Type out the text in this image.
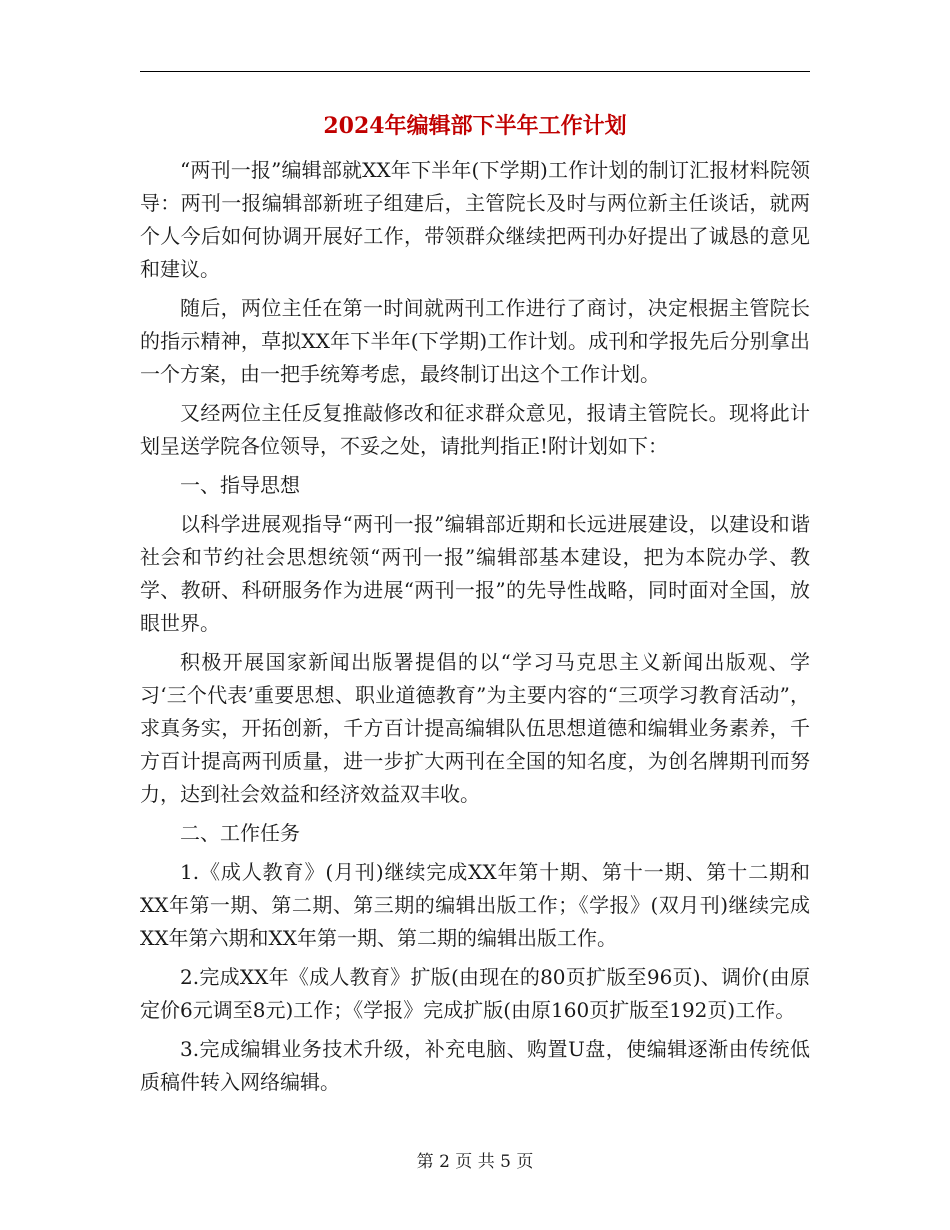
2024年编辑部下半年工作计划

“两刊一报”编辑部就XX年下半年(下学期)工作计划的制订汇报材料院领导：两刊一报编辑部新班子组建后，主管院长及时与两位新主任谈话，就两个人今后如何协调开展好工作，带领群众继续把两刊办好提出了诚恳的意见和建议。

随后，两位主任在第一时间就两刊工作进行了商讨，决定根据主管院长的指示精神，草拟XX年下半年(下学期)工作计划。成刊和学报先后分别拿出一个方案，由一把手统筹考虑，最终制订出这个工作计划。

又经两位主任反复推敲修改和征求群众意见，报请主管院长。现将此计划呈送学院各位领导，不妥之处，请批判指正!附计划如下：

一、指导思想

以科学进展观指导“两刊一报”编辑部近期和长远进展建设，以建设和谐社会和节约社会思想统领“两刊一报”编辑部基本建设，把为本院办学、教学、教研、科研服务作为进展“两刊一报”的先导性战略，同时面对全国，放眼世界。

积极开展国家新闻出版署提倡的以“学习马克思主义新闻出版观、学习‘三个代表’重要思想、职业道德教育”为主要内容的“三项学习教育活动”，求真务实，开拓创新，千方百计提高编辑队伍思想道德和编辑业务素养，千方百计提高两刊质量，进一步扩大两刊在全国的知名度，为创名牌期刊而努力，达到社会效益和经济效益双丰收。

二、工作任务

1.《成人教育》(月刊)继续完成XX年第十期、第十一期、第十二期和XX年第一期、第二期、第三期的编辑出版工作；《学报》(双月刊)继续完成XX年第六期和XX年第一期、第二期的编辑出版工作。

2.完成XX年《成人教育》扩版(由现在的80页扩版至96页)、调价(由原定价6元调至8元)工作；《学报》完成扩版(由原160页扩版至192页)工作。

3.完成编辑业务技术升级，补充电脑、购置U盘，使编辑逐渐由传统低质稿件转入网络编辑。

第 2 页 共 5 页
